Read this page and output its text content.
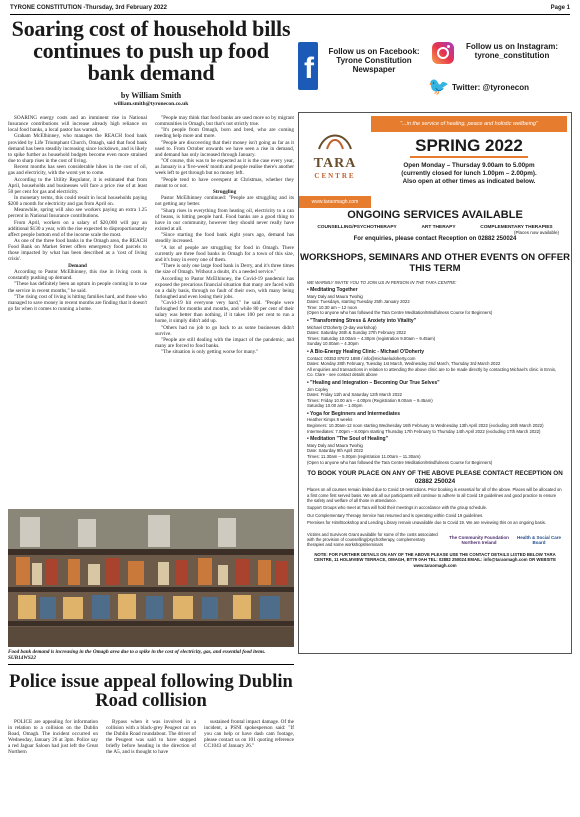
TYRONE CONSTITUTION -Thursday, 3rd February 2022	Page 1
Soaring cost of household bills continues to push up food bank demand
by William Smith
william.smith@tyronecon.co.uk

SOARING energy costs and an imminent rise in National Insurance contributions will increase already high reliance on local food banks, a local pastor has warned.

Graham McElhinney, who manages the REACH food bank provided by Life Triumphant Church, Omagh, said that food bank demand has been steadily increasing since lockdown, and is likely to spike further as household budgets become even more strained due to sharp rises in the cost of living.

Recent months has seen considerable hikes in the cost of oil, gas and electricity, with the worst yet to come.

According to the Utility Regulator, it is estimated that from April, households and businesses will face a price rise of at least 50 per cent for gas and electricity.

In monetary terms, this could result in local households paying $200 a month for electricity and gas from April on.

Meanwhile, spring will also see workers paying an extra 1.25 percent in National Insurance contributions.

From April, workers on a salary of $20,000 will pay an additional $130 a year, with the rise expected to disproportionately affect people bottom end of the income scale the most.

As one of the three food banks in the Omagh area, the REACH Food Bank on Market Street offers emergency food parcels to those impacted by what has been described as a 'cost of living crisis'.

Demand

According to Pastor McElhinney, this rise in living costs is constantly pushing up demand.

"These has definitely been an upturn in people coming in to use the service in recent months," he said.

"The rising cost of living is hitting families hard, and those who managed to save money in recent months are finding that it doesn't go far when it comes to running a home.

"People may think that food banks are used more so by migrant communities in Omagh, but that's not strictly true.

"It's people from Omagh, born and bred, who are coming needing help more and more.

"People are discovering that their money isn't going as far as it used to. From October onwards we have seen a rise in demand, and demand has only increased through January.

"Of course, this was to be expected as it is the case every year, as January is a 'five-week' month and people realise there's another week left to get through but no money left.

"People tend to have overspent at Christmas, whether they meant to or not.

Struggling

Pastor McElhinney continued: "People are struggling and its not getting any better.

"Sharp rises in everything from heating oil, electricity to a can of beans, is hitting people hard. Food banks are a good thing to have in our community, however they should never really have existed at all.

"Since starting the food bank eight years ago, demand has steadily increased.

"A lot of people are struggling for food in Omagh. There currently are three food banks in Omagh for a town of this size, and it's busy in every one of them.

"There is only one large food bank in Derry, and it's three times the size of Omagh. Without a doubt, it's a needed service."

According to Pastor McElhinney, the Covid-19 pandemic has exposed the precarious financial situation that many are faced with on a daily basis, through no fault of their own, with many being furloughed and even losing their jobs.

"Covid-19 hit everyone very hard," he said. "People were furloughed for months and months, and while 80 per cent of their salary was better than nothing, if it takes 100 per cent to run a home, it simply didn't add up.

"Others had no job to go back to as some businesses didn't survive.

"People are still dealing with the impact of the pandemic, and many are forced to food banks.

"The situation is only getting worse for many."

Food bank demand is increasing in the Omagh area due to a spike in the cost of electricity, gas, and essential food items. SUB14WS22
Police issue appeal following Dublin Road collision

POLICE are appealing for information in relation to a collision on the Dublin Road, Omagh. The incident occurred on Wednesday, January 26 at 3pm. Police say a red Jaguar Saloon had just left the Great Northern

Bypass when it was involved in a collision with a black-grey Peugeot car on the Dublin Road roundabout. The driver of the Peugeot was said to have stopped briefly before heading in the direction of the A5, and is thought to have

sustained frontal impact damage. Of the incident, a PSNI spokesperson said: "If you can help or have dash cam footage, please contact us on 101 quoting reference CC1043 of January 26."

f
Follow us on Facebook: Tyrone Constitution Newspaper
Follow us on Instagram: tyrone_constitution
🐦 Twitter: @tyronecon
TARA
CENTRE
www.taraomagh.com
"...in the service of healing, peace and holistic wellbeing"
SPRING 2022
Open Monday – Thursday 9.00am to 5.00pm
(currently closed for lunch 1.00pm – 2.00pm).
Also open at other times as indicated below.
ONGOING SERVICES AVAILABLE
COUNSELLING/PSYCHOTHERAPY	ART THERAPY	COMPLEMENTARY THERAPIES
(Places now available)
For enquiries, please contact Reception on 02882 250024
WORKSHOPS, SEMINARS AND OTHER EVENTS ON OFFER THIS TERM
WE WARMLY INVITE YOU TO JOIN US IN PERSON IN THE TARA CENTRE:
• Meditating Together
Mary Daly and Maura Twohig
Dates: Tuesdays, starting Tuesday 25th January 2022
Time: 10.30 am – 12 noon
(Open to anyone who has followed the Tara Centre Meditation/Mindfulness Course for Beginners)
• "Transforming Stress & Anxiety into Vitality"
Michael O'Doherty (2-day workshop)
Dates: Saturday 26th & Sunday 27th February 2022
Times: Saturday 10.00am – 4.30pm (registration 9.00am – 9.45am)
Sunday 10.00am – 4.30pm
• A Bio-Energy Healing Clinic - Michael O'Doherty
Contact: 00353 87672 1888 / info@michaelodoherty.com
Dates: Monday 28th February, Tuesday 1st March, Wednesday 2nd March, Thursday 3rd March 2022
All enquiries and transactions in relation to attending the above clinic are to be made directly by contacting Michael's clinic in Ennis, Co. Clare - see contact details above
• "Healing and Integration – Becoming Our True Selves"
Jim Copley
Dates: Friday 11th and Saturday 12th March 2022
Times: Friday 10.00 am – 4.00pm (Registration 9.00am – 9.45am)
Saturday 10.00 am – 1.00pm
• Yoga for Beginners and Intermediates
Heather Kimps 8 weeks
Beginners: 10.30am-12 noon starting Wednesday 16th February to Wednesday 13th April 2022 (excluding 16th March 2022)
Intermediates: 7.00pm – 8.00pm starting Thursday 17th February to Thursday 14th April 2022 (excluding 17th March 2022)
• Meditation "The Soul of Healing"
Mary Daly and Maura Twohig
Date: Saturday 9th April 2022
Times: 11.30am – 5.00pm (registration 11.00am – 11.30am)
(Open to anyone who has followed the Tara Centre Meditation/Mindfulness Course for Beginners)
TO BOOK YOUR PLACE ON ANY OF THE ABOVE PLEASE CONTACT RECEPTION ON 02882 250024

Places on all courses remain limited due to Covid 19 restrictions. Prior booking is essential for all of the above. Places will be allocated on a first come first served basis. We ask all our participants will continue to adhere to all Covid 19 guidelines and good practice to ensure the safety and welfare of all those in attendance.

Support Groups who meet at Tara will hold their meetings in accordance with the group schedule.

Our Complementary Therapy Service has resumed and is operating within Covid 19 guidelines.

Premises for Him/Bookshop and Lending Library remain unavailable due to Covid 19. We are reviewing this on an ongoing basis.

Victims and Survivors Grant available for some of the costs associated with the provision of counselling/psychotherapy, complementary therapies and some workshops/seminars
The Community Foundation Northern Ireland
Health & Social Care Board
NOTE: FOR FURTHER DETAILS ON ANY OF THE ABOVE PLEASE USE THE CONTACT DETAILS LISTED BELOW TARA CENTRE, 11 HOLMVIEW TERRACE, OMAGH, BT79 0AH TEL: 02882 250024 EMAIL: info@taraomagh.com OR WEBSITE www.taraomagh.com
